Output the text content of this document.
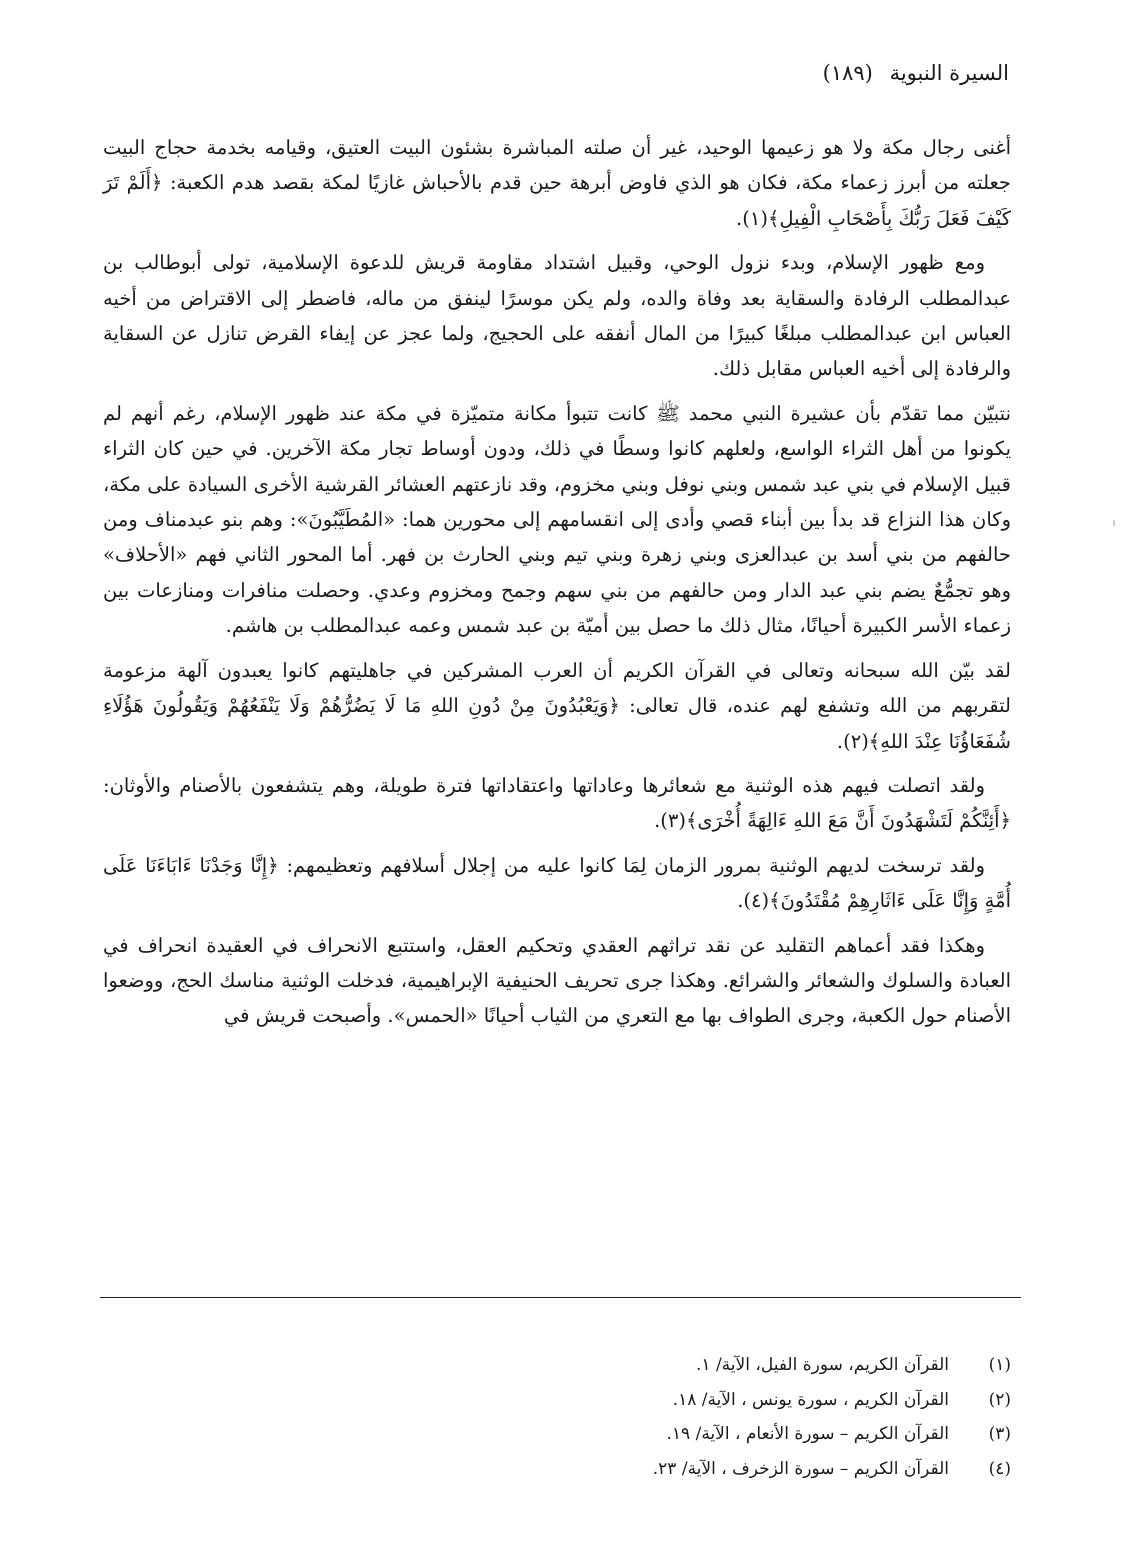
السيرة النبوية (١٨٩)

أغنى رجال مكة ولا هو زعيمها الوحيد، غير أن صلته المباشرة بشئون البيت العتيق، وقيامه بخدمة حجاج البيت جعلته من أبرز زعماء مكة، فكان هو الذي فاوض أبرهة حين قدم بالأحباش غازيًا لمكة بقصد هدم الكعبة: ﴿أَلَمْ تَرَ كَيْفَ فَعَلَ رَبُّكَ بِأَصْحَابِ الْفِيلِ﴾(١).

ومع ظهور الإسلام، وبدء نزول الوحي، وقبيل اشتداد مقاومة قريش للدعوة الإسلامية، تولى أبوطالب بن عبدالمطلب الرفادة والسقاية بعد وفاة والده، ولم يكن موسرًا لينفق من ماله، فاضطر إلى الاقتراض من أخيه العباس ابن عبدالمطلب مبلغًا كبيرًا من المال أنفقه على الحجيج، ولما عجز عن إيفاء القرض تنازل عن السقاية والرفادة إلى أخيه العباس مقابل ذلك.

نتبيّن مما تقدّم بأن عشيرة النبي محمد ﷺ كانت تتبوأ مكانة متميّزة في مكة عند ظهور الإسلام، رغم أنهم لم يكونوا من أهل الثراء الواسع، ولعلهم كانوا وسطًا في ذلك، ودون أوساط تجار مكة الآخرين. في حين كان الثراء قبيل الإسلام في بني عبد شمس وبني نوفل وبني مخزوم، وقد نازعتهم العشائر القرشية الأخرى السيادة على مكة، وكان هذا النزاع قد بدأ بين أبناء قصي وأدى إلى انقسامهم إلى محورين هما: «المُطَيَّبُونَ»: وهم بنو عبدمناف ومن حالفهم من بني أسد بن عبدالعزى وبني زهرة وبني تيم وبني الحارث بن فهر. أما المحور الثاني فهم «الأحلاف» وهو تجمُّعٌ يضم بني عبد الدار ومن حالفهم من بني سهم وجمح ومخزوم وعدي. وحصلت منافرات ومنازعات بين زعماء الأسر الكبيرة أحيانًا، مثال ذلك ما حصل بين أميّة بن عبد شمس وعمه عبدالمطلب بن هاشم.

لقد بيّن الله سبحانه وتعالى في القرآن الكريم أن العرب المشركين في جاهليتهم كانوا يعبدون آلهة مزعومة لتقربهم من الله وتشفع لهم عنده، قال تعالى: ﴿وَيَعْبُدُونَ مِنْ دُونِ اللهِ مَا لَا يَضُرُّهُمْ وَلَا يَنْفَعُهُمْ وَيَقُولُونَ هَؤُلَاءِ شُفَعَاؤُنَا عِنْدَ اللهِ﴾(٢).

ولقد اتصلت فيهم هذه الوثنية مع شعائرها وعاداتها واعتقاداتها فترة طويلة، وهم يتشفعون بالأصنام والأوثان: ﴿أَئِنَّكُمْ لَتَشْهَدُونَ أَنَّ مَعَ اللهِ ءَالِهَةً أُخْرَى﴾(٣).

ولقد ترسخت لديهم الوثنية بمرور الزمان لِمَا كانوا عليه من إجلال أسلافهم وتعظيمهم: ﴿إِنَّا وَجَدْنَا ءَابَاءَنَا عَلَى أُمَّةٍ وَإِنَّا عَلَى ءَاثَارِهِمْ مُقْتَدُونَ﴾(٤).

وهكذا فقد أعماهم التقليد عن نقد تراثهم العقدي وتحكيم العقل، واستتبع الانحراف في العقيدة انحراف في العبادة والسلوك والشعائر والشرائع. وهكذا جرى تحريف الحنيفية الإبراهيمية، فدخلت الوثنية مناسك الحج، ووضعوا الأصنام حول الكعبة، وجرى الطواف بها مع التعري من الثياب أحيانًا «الحمس». وأصبحت قريش في

(١)
القرآن الكريم، سورة الفيل، الآية/ ١.
(٢)
القرآن الكريم ، سورة يونس ، الآية/ ١٨.
(٣)
القرآن الكريم – سورة الأنعام ، الآية/ ١٩.
(٤)
القرآن الكريم – سورة الزخرف ، الآية/ ٢٣.
